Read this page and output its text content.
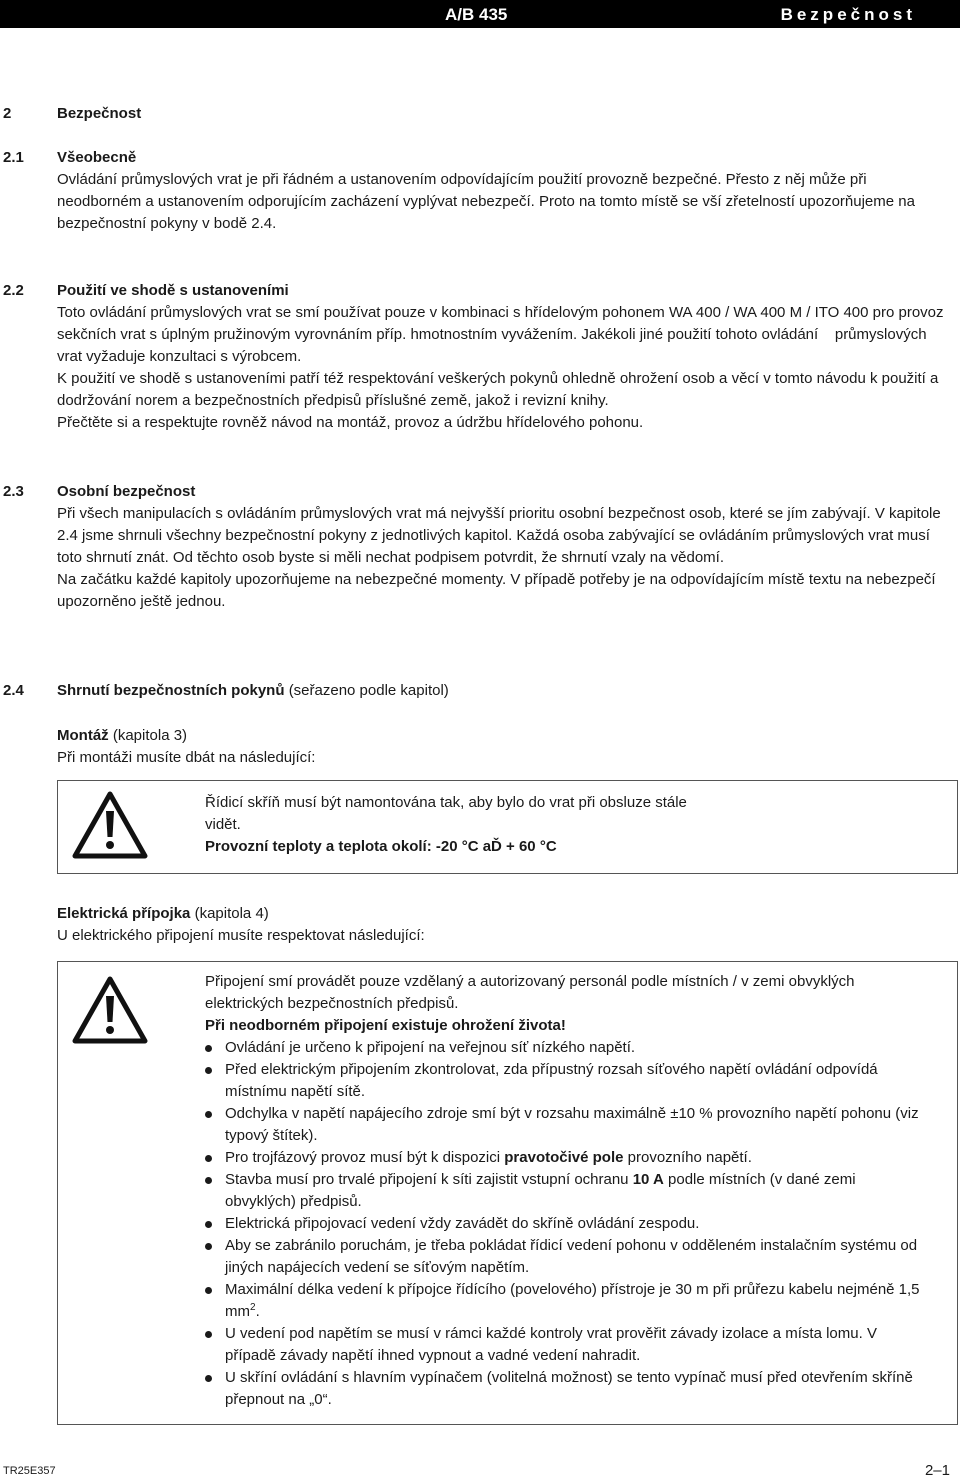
A/B 435	Bezpečnost
2	Bezpečnost
2.1 Všeobecně
Ovládání průmyslových vrat je při řádném a ustanovením odpovídajícím použití provozně bezpečné. Přesto z něj může při neodborném a ustanovením odporujícím zacházení vyplývat nebezpečí. Proto na tomto místě se vší zřetelností upozorňujeme na bezpečnostní pokyny v bodě 2.4.
2.2 Použití ve shodě s ustanoveními
Toto ovládání průmyslových vrat se smí používat pouze v kombinaci s hřídelovým pohonem WA 400 / WA 400 M / ITO 400 pro provoz sekčních vrat s úplným pružinovým vyrovnáním příp. hmotnostním vyvážením. Jakékoli jiné použití tohoto ovládání    průmyslových vrat vyžaduje konzultaci s výrobcem.
K použití ve shodě s ustanoveními patří též respektování veškerých pokynů ohledně ohrožení osob a věcí v tomto návodu k použití a dodržování norem a bezpečnostních předpisů příslušné země, jakož i revizní knihy.
Přečtěte si a respektujte rovněž návod na montáž, provoz a údržbu hřídelového pohonu.
2.3 Osobní bezpečnost
Při všech manipulacích s ovládáním průmyslových vrat má nejvyšší prioritu osobní bezpečnost osob, které se jím zabývají. V kapitole 2.4 jsme shrnuli všechny bezpečnostní pokyny z jednotlivých kapitol. Každá osoba zabývající se ovládáním průmyslových vrat musí toto shrnutí znát. Od těchto osob byste si měli nechat podpisem potvrdit, že shrnutí vzaly na vědomí.
Na začátku každé kapitoly upozorňujeme na nebezpečné momenty. V případě potřeby je na odpovídajícím místě textu na nebezpečí upozorněno ještě jednou.
2.4 Shrnutí bezpečnostních pokynů (seřazeno podle kapitol)
Montáž (kapitola 3)
Při montáži musíte dbát na následující:
Řídicí skříň musí být namontována tak, aby bylo do vrat při obsluze stále vidět.
Provozní teploty a teplota okolí: -20 °C aĎ + 60 °C
Elektrická přípojka (kapitola 4)
U elektrického připojení musíte respektovat následující:
Připojení smí provádět pouze vzdělaný a autorizovaný personál podle místních / v zemi obvyklých elektrických bezpečnostních předpisů.
Při neodborném připojení existuje ohrožení života!
Ovládání je určeno k připojení na veřejnou síť nízkého napětí.
Před elektrickým připojením zkontrolovat, zda přípustný rozsah síťového napětí ovládání odpovídá místnímu napětí sítě.
Odchylka v napětí napájecího zdroje smí být v rozsahu maximálně ±10 % provozního napětí pohonu (viz typový štítek).
Pro trojfázový provoz musí být k dispozici pravotočivé pole provozního napětí.
Stavba musí pro trvalé připojení k síti zajistit vstupní ochranu 10 A podle místních (v dané zemi obvyklých) předpisů.
Elektrická připojovací vedení vždy zavádět do skříně ovládání zespodu.
Aby se zabránilo poruchám, je třeba pokládat řídicí vedení pohonu v odděleném instalačním systému od jiných napájecích vedení se síťovým napětím.
Maximální délka vedení k přípojce řídícího (povelového) přístroje je 30 m při průřezu kabelu nejméně 1,5 $mm^2$.
U vedení pod napětím se musí v rámci každé kontroly vrat prověřit závady izolace a místa lomu. V případě závady napětí ihned vypnout a vadné vedení nahradit.
U skříní ovládání s hlavním vypínačem (volitelná možnost) se tento vypínač musí před otevřením skříně přepnout na „0“.
TR25E357	2–1
